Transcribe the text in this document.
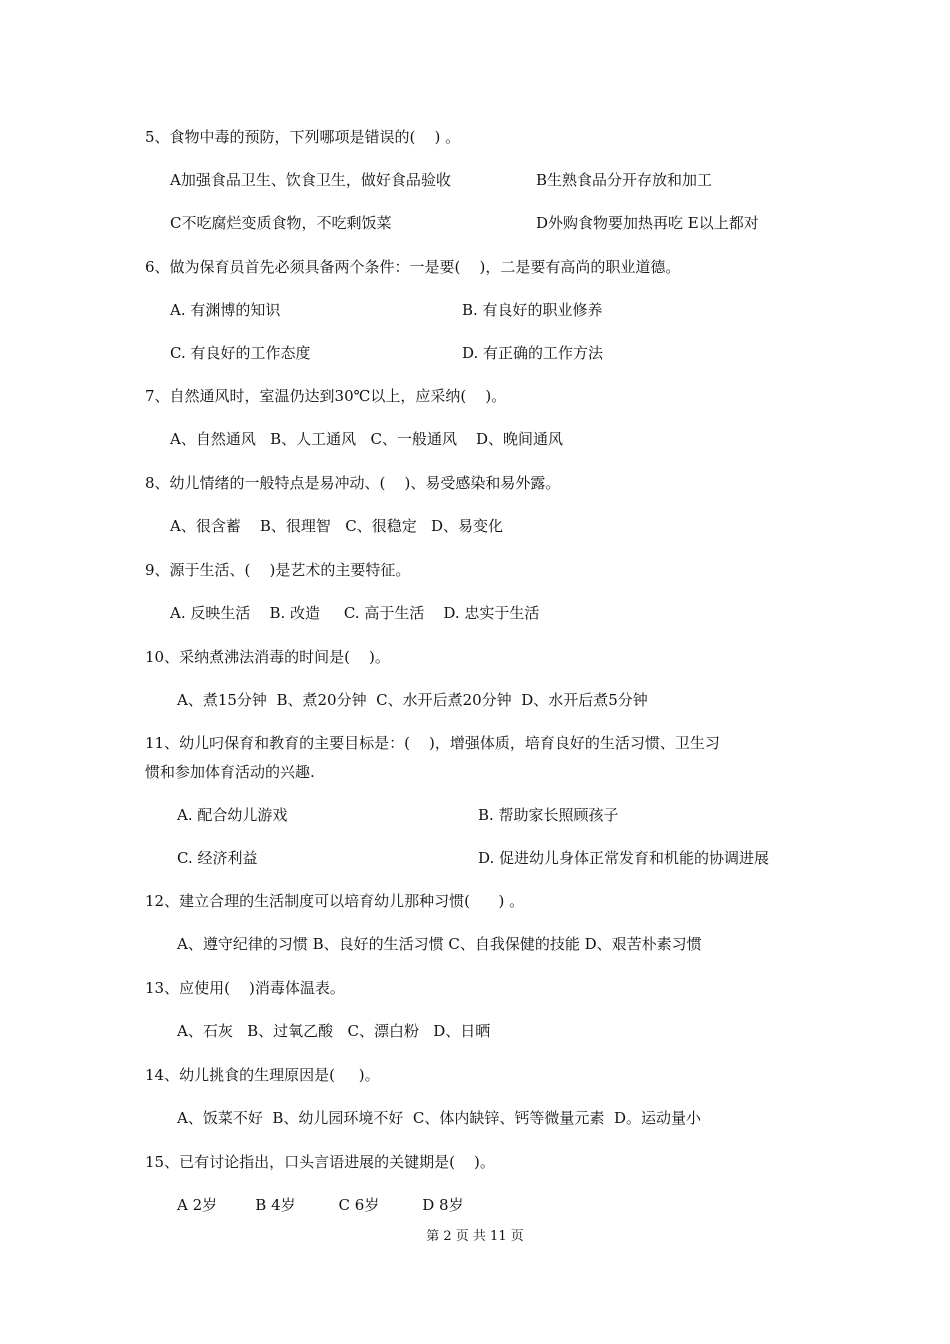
5、食物中毒的预防，下列哪项是错误的(    ) 。
A加强食品卫生、饮食卫生，做好食品验收	B生熟食品分开存放和加工
C不吃腐烂变质食物，不吃剩饭菜	D外购食物要加热再吃 E以上都对
6、做为保育员首先必须具备两个条件：一是要(    )，二是要有高尚的职业道德。
A. 有渊博的知识	B. 有良好的职业修养
C. 有良好的工作态度	D. 有正确的工作方法
7、自然通风时，室温仍达到30℃以上，应采纳(    )。
A、自然通风   B、人工通风   C、一般通风    D、晚间通风
8、幼儿情绪的一般特点是易冲动、(    )、易受感染和易外露。
A、很含蓄    B、很理智   C、很稳定   D、易变化
9、源于生活、(    )是艺术的主要特征。
A. 反映生活    B. 改造     C. 高于生活    D. 忠实于生活
10、采纳煮沸法消毒的时间是(    )。
A、煮15分钟  B、煮20分钟  C、水开后煮20分钟  D、水开后煮5分钟
11、幼儿叼保育和教育的主要目标是：(    )，增强体质，培育良好的生活习惯、卫生习
惯和参加体育活动的兴趣.
A. 配合幼儿游戏	B. 帮助家长照顾孩子
C. 经济利益	D. 促进幼儿身体正常发育和机能的协调进展
12、建立合理的生活制度可以培育幼儿那种习惯(      ) 。
A、遵守纪律的习惯 B、良好的生活习惯 C、自我保健的技能 D、艰苦朴素习惯
13、应使用(    )消毒体温表。
A、石灰   B、过氧乙酸   C、漂白粉   D、日晒
14、幼儿挑食的生理原因是(     )。
A、饭菜不好  B、幼儿园环境不好  C、体内缺锌、钙等微量元素  D。运动量小
15、已有讨论指出，口头言语进展的关键期是(    )。
A 2岁        B 4岁         C 6岁         D 8岁
第 2 页 共 11 页
